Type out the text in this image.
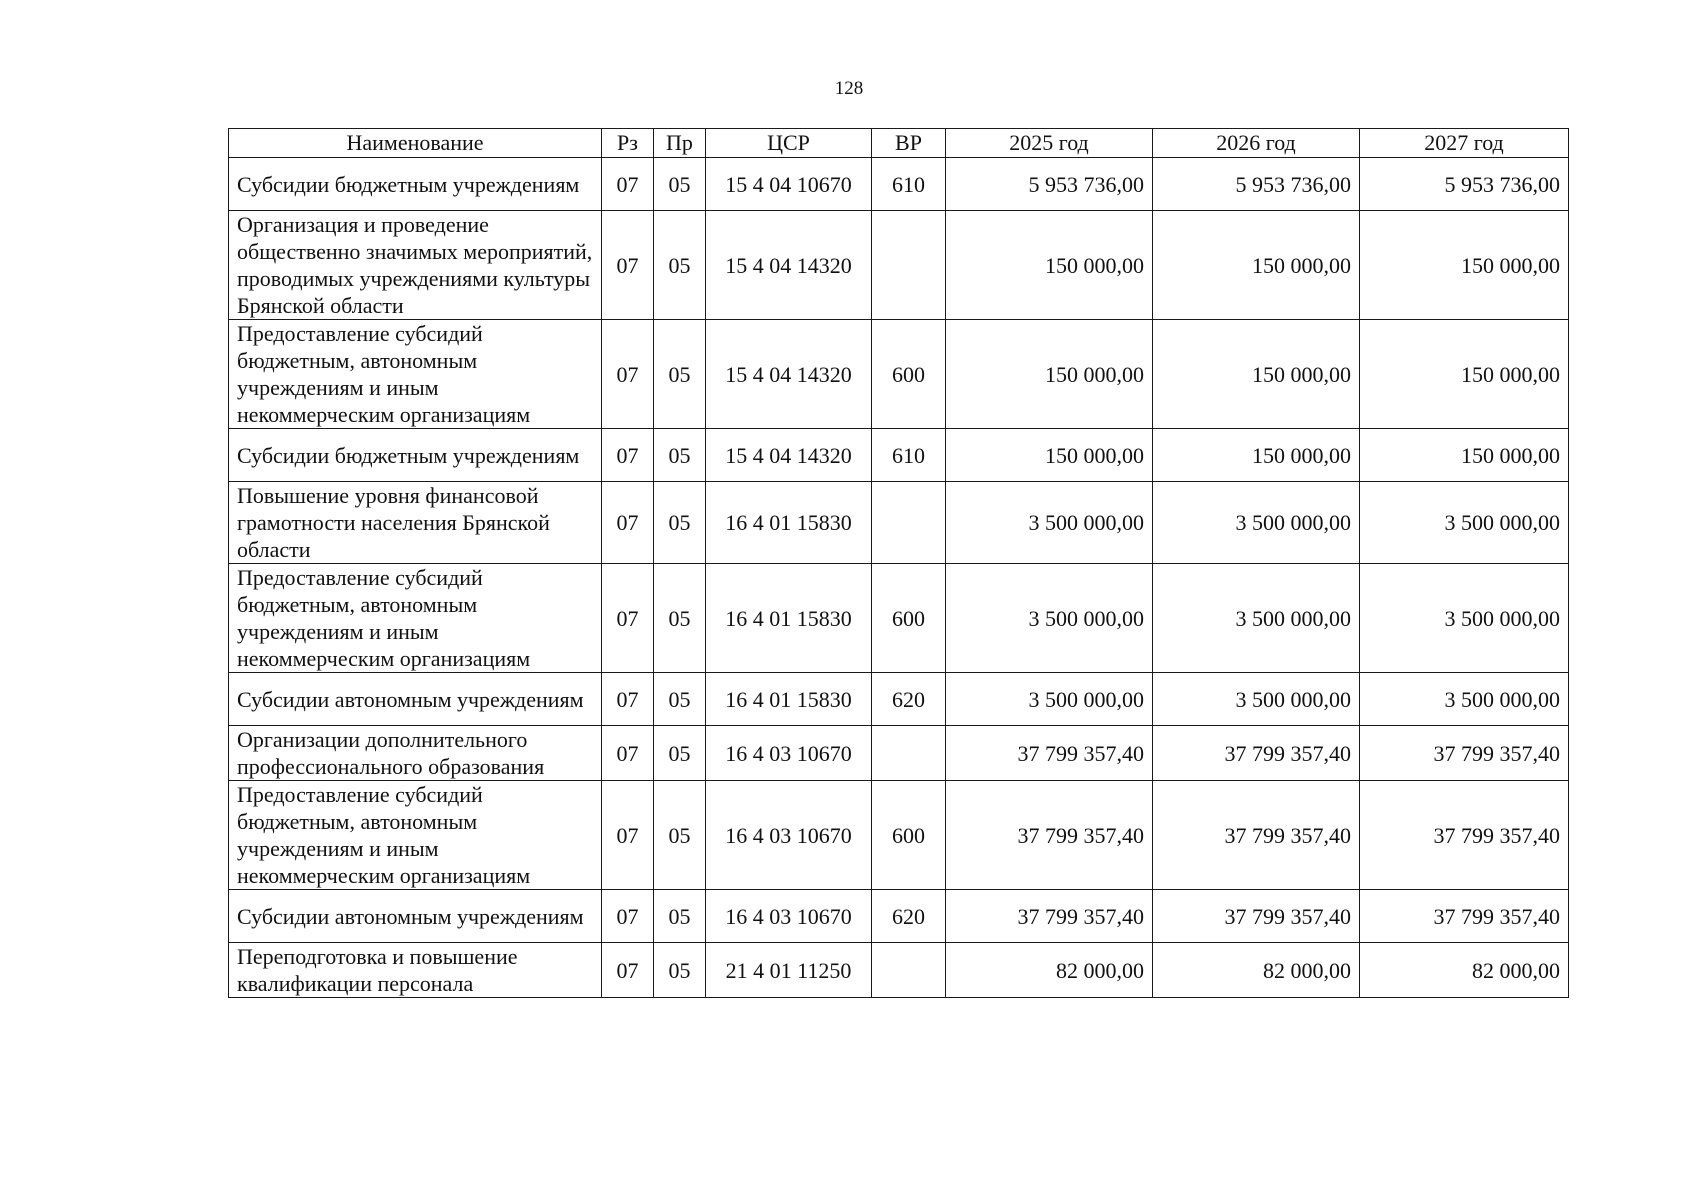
128
Наименование	Рз	Пр	ЦСР	ВР	2025 год	2026 год	2027 год
Субсидии бюджетным учреждениям	07	05	15 4 04 10670	610	5 953 736,00	5 953 736,00	5 953 736,00
Организация и проведение общественно значимых мероприятий, проводимых учреждениями культуры Брянской области	07	05	15 4 04 14320		150 000,00	150 000,00	150 000,00
Предоставление субсидий бюджетным, автономным учреждениям и иным некоммерческим организациям	07	05	15 4 04 14320	600	150 000,00	150 000,00	150 000,00
Субсидии бюджетным учреждениям	07	05	15 4 04 14320	610	150 000,00	150 000,00	150 000,00
Повышение уровня финансовой грамотности населения Брянской области	07	05	16 4 01 15830		3 500 000,00	3 500 000,00	3 500 000,00
Предоставление субсидий бюджетным, автономным учреждениям и иным некоммерческим организациям	07	05	16 4 01 15830	600	3 500 000,00	3 500 000,00	3 500 000,00
Субсидии автономным учреждениям	07	05	16 4 01 15830	620	3 500 000,00	3 500 000,00	3 500 000,00
Организации дополнительного профессионального образования	07	05	16 4 03 10670		37 799 357,40	37 799 357,40	37 799 357,40
Предоставление субсидий бюджетным, автономным учреждениям и иным некоммерческим организациям	07	05	16 4 03 10670	600	37 799 357,40	37 799 357,40	37 799 357,40
Субсидии автономным учреждениям	07	05	16 4 03 10670	620	37 799 357,40	37 799 357,40	37 799 357,40
Переподготовка и повышение квалификации персонала	07	05	21 4 01 11250		82 000,00	82 000,00	82 000,00
